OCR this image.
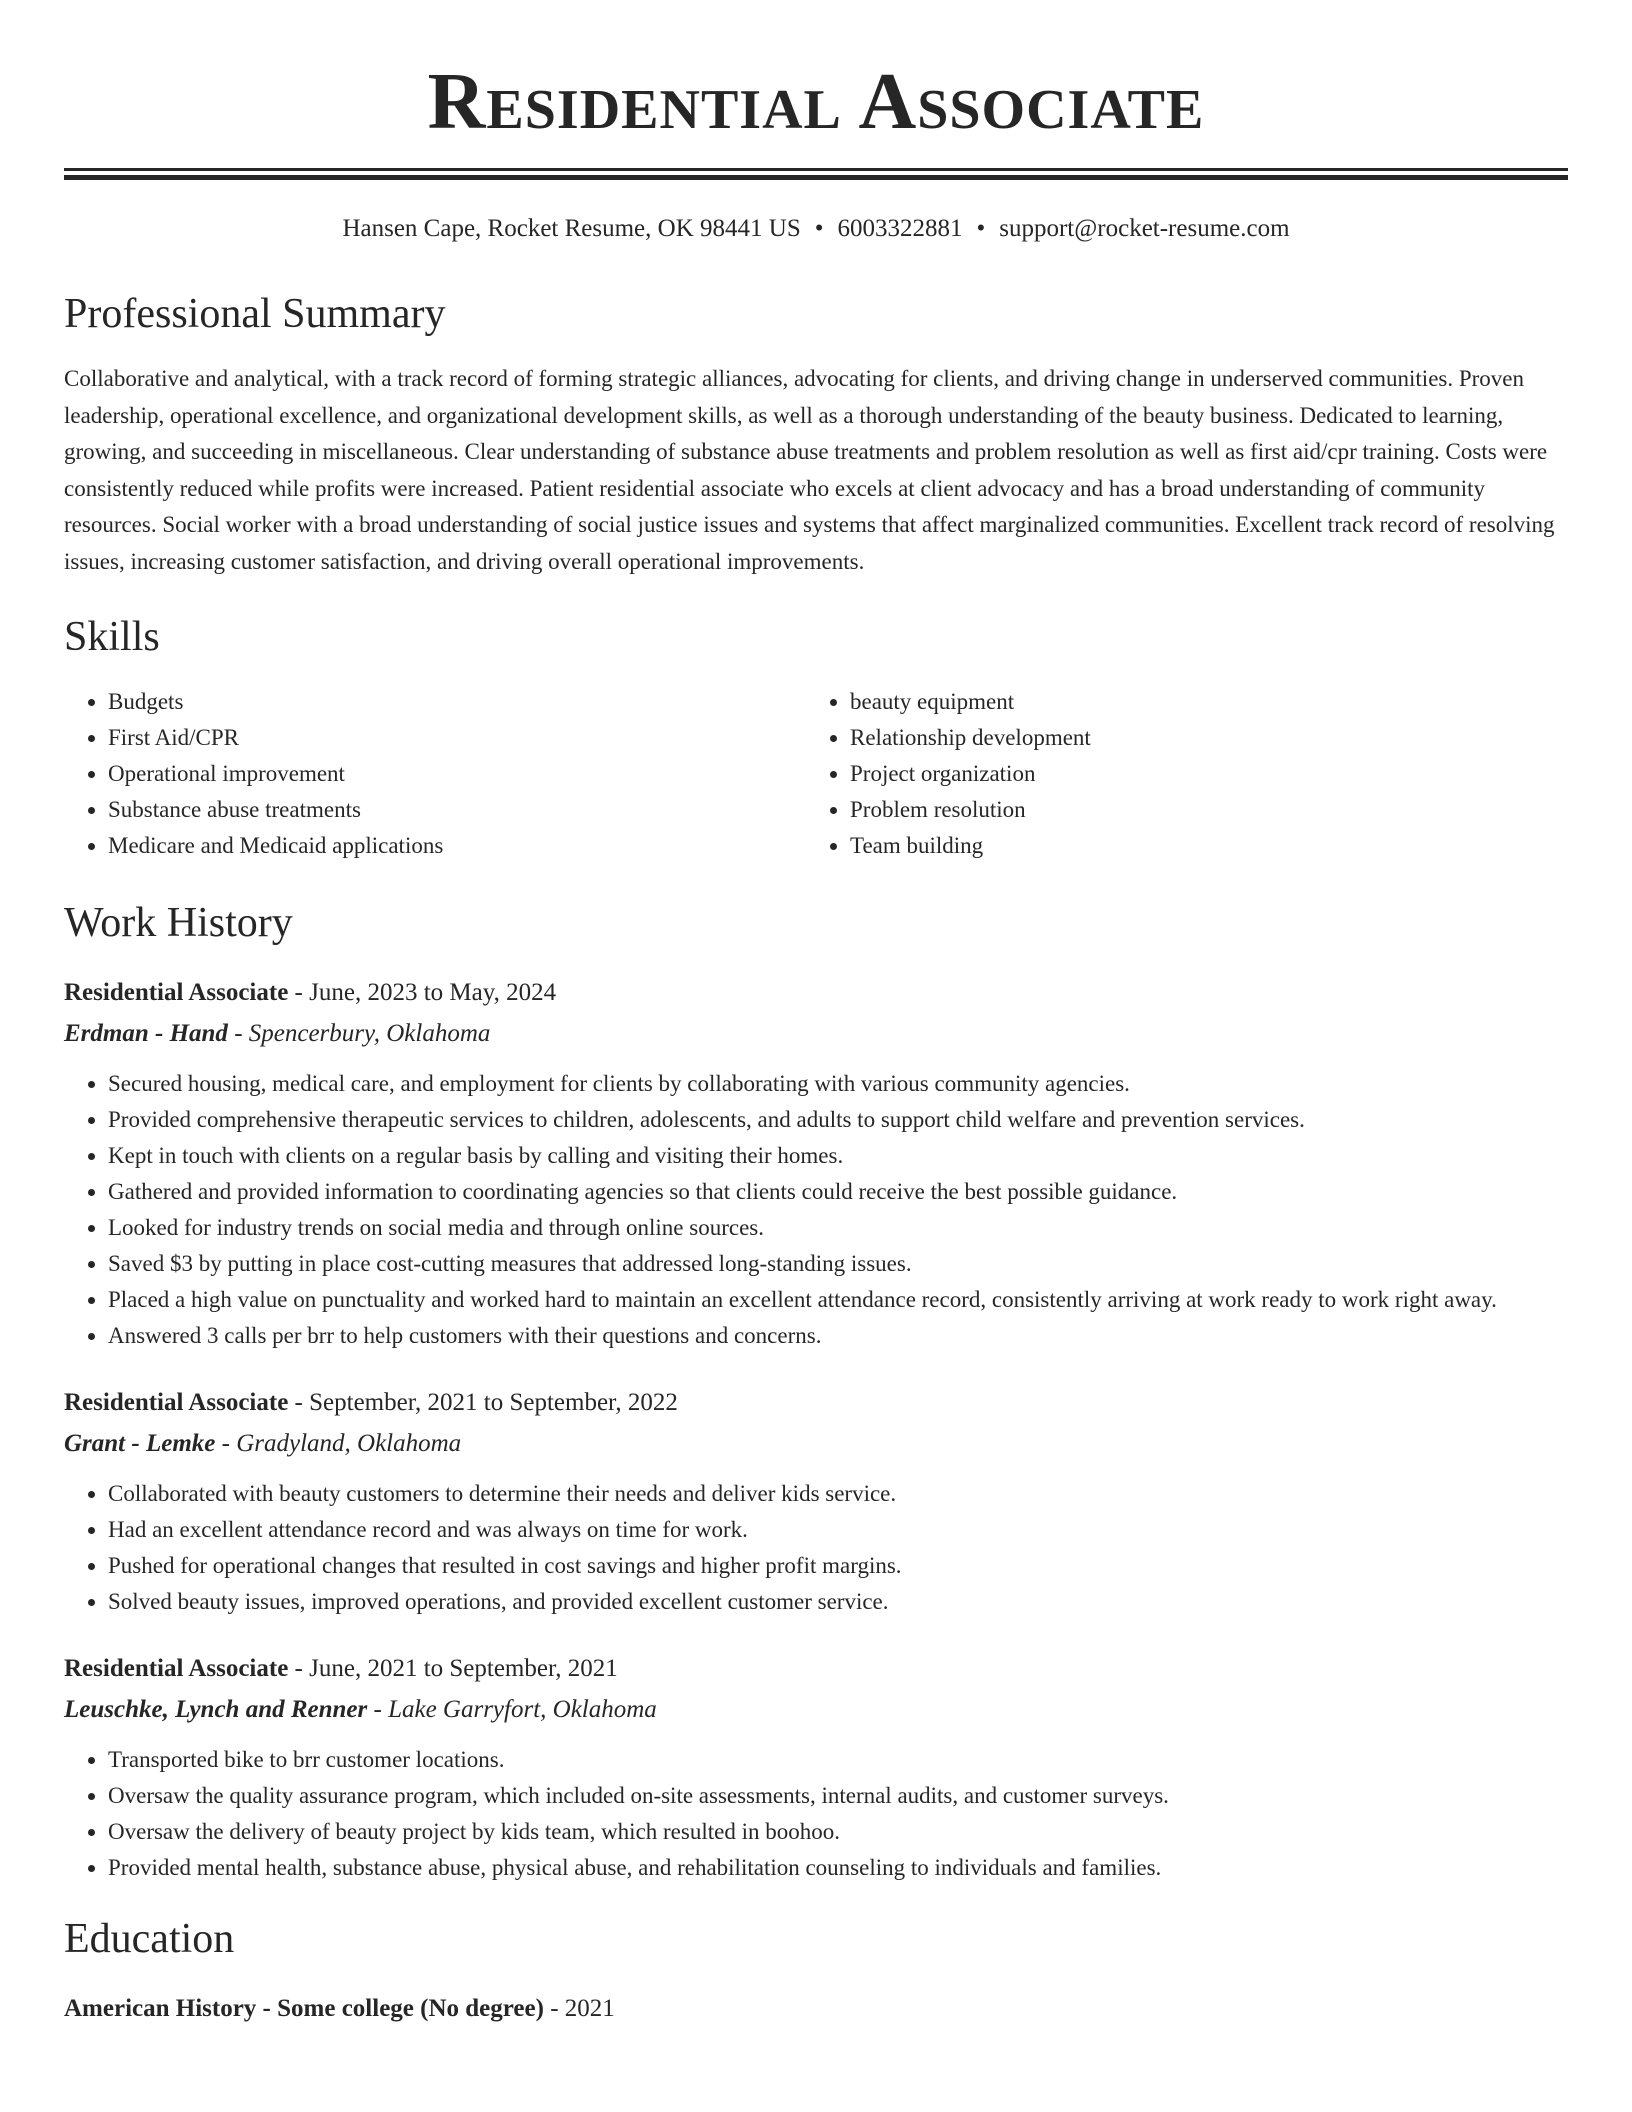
Residential Associate
Hansen Cape, Rocket Resume, OK 98441 US • 6003322881 • support@rocket-resume.com
Professional Summary
Collaborative and analytical, with a track record of forming strategic alliances, advocating for clients, and driving change in underserved communities. Proven leadership, operational excellence, and organizational development skills, as well as a thorough understanding of the beauty business. Dedicated to learning, growing, and succeeding in miscellaneous. Clear understanding of substance abuse treatments and problem resolution as well as first aid/cpr training. Costs were consistently reduced while profits were increased. Patient residential associate who excels at client advocacy and has a broad understanding of community resources. Social worker with a broad understanding of social justice issues and systems that affect marginalized communities. Excellent track record of resolving issues, increasing customer satisfaction, and driving overall operational improvements.
Skills
• Budgets
• First Aid/CPR
• Operational improvement
• Substance abuse treatments
• Medicare and Medicaid applications
• beauty equipment
• Relationship development
• Project organization
• Problem resolution
• Team building
Work History
Residential Associate - June, 2023 to May, 2024
Erdman - Hand - Spencerbury, Oklahoma
• Secured housing, medical care, and employment for clients by collaborating with various community agencies.
• Provided comprehensive therapeutic services to children, adolescents, and adults to support child welfare and prevention services.
• Kept in touch with clients on a regular basis by calling and visiting their homes.
• Gathered and provided information to coordinating agencies so that clients could receive the best possible guidance.
• Looked for industry trends on social media and through online sources.
• Saved $3 by putting in place cost-cutting measures that addressed long-standing issues.
• Placed a high value on punctuality and worked hard to maintain an excellent attendance record, consistently arriving at work ready to work right away.
• Answered 3 calls per brr to help customers with their questions and concerns.
Residential Associate - September, 2021 to September, 2022
Grant - Lemke - Gradyland, Oklahoma
• Collaborated with beauty customers to determine their needs and deliver kids service.
• Had an excellent attendance record and was always on time for work.
• Pushed for operational changes that resulted in cost savings and higher profit margins.
• Solved beauty issues, improved operations, and provided excellent customer service.
Residential Associate - June, 2021 to September, 2021
Leuschke, Lynch and Renner - Lake Garryfort, Oklahoma
• Transported bike to brr customer locations.
• Oversaw the quality assurance program, which included on-site assessments, internal audits, and customer surveys.
• Oversaw the delivery of beauty project by kids team, which resulted in boohoo.
• Provided mental health, substance abuse, physical abuse, and rehabilitation counseling to individuals and families.
Education
American History - Some college (No degree) - 2021
